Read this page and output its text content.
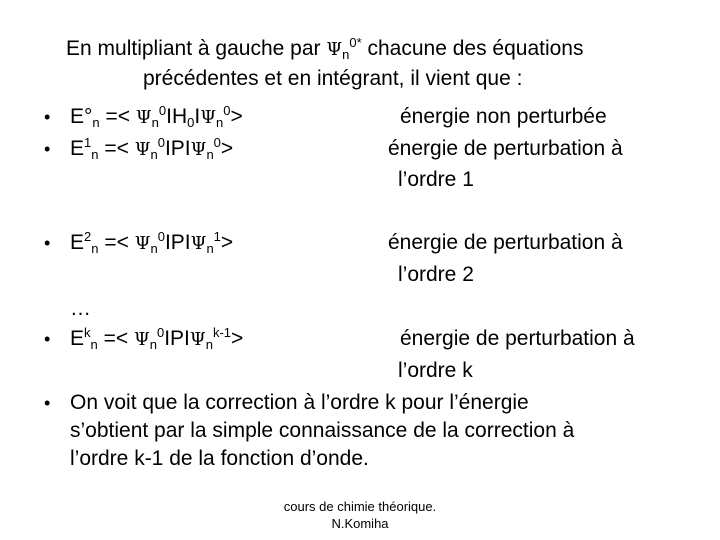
En multipliant à gauche par $\Psi_n^{0*}$ chacune des équations
précédentes et en intégrant, il vient que :
• $E^\circ_n =< \Psi_n^0IH_0I\Psi_n^0>$	énergie non perturbée
• $E^1_n =< \Psi_n^0IPI\Psi_n^0>$	énergie de perturbation à
l’ordre 1
• $E^2_n =< \Psi_n^0IPI\Psi_n^1>$	énergie de perturbation à
l’ordre 2
…
• $E^k_n =< \Psi_n^0IPI\Psi_n^{k-1}>$	énergie de perturbation à
l’ordre k
• On voit que la correction à l’ordre k pour l’énergie
s’obtient par la simple connaissance de la correction à
l’ordre k-1 de la fonction d’onde.
cours de chimie théorique.
N.Komiha
